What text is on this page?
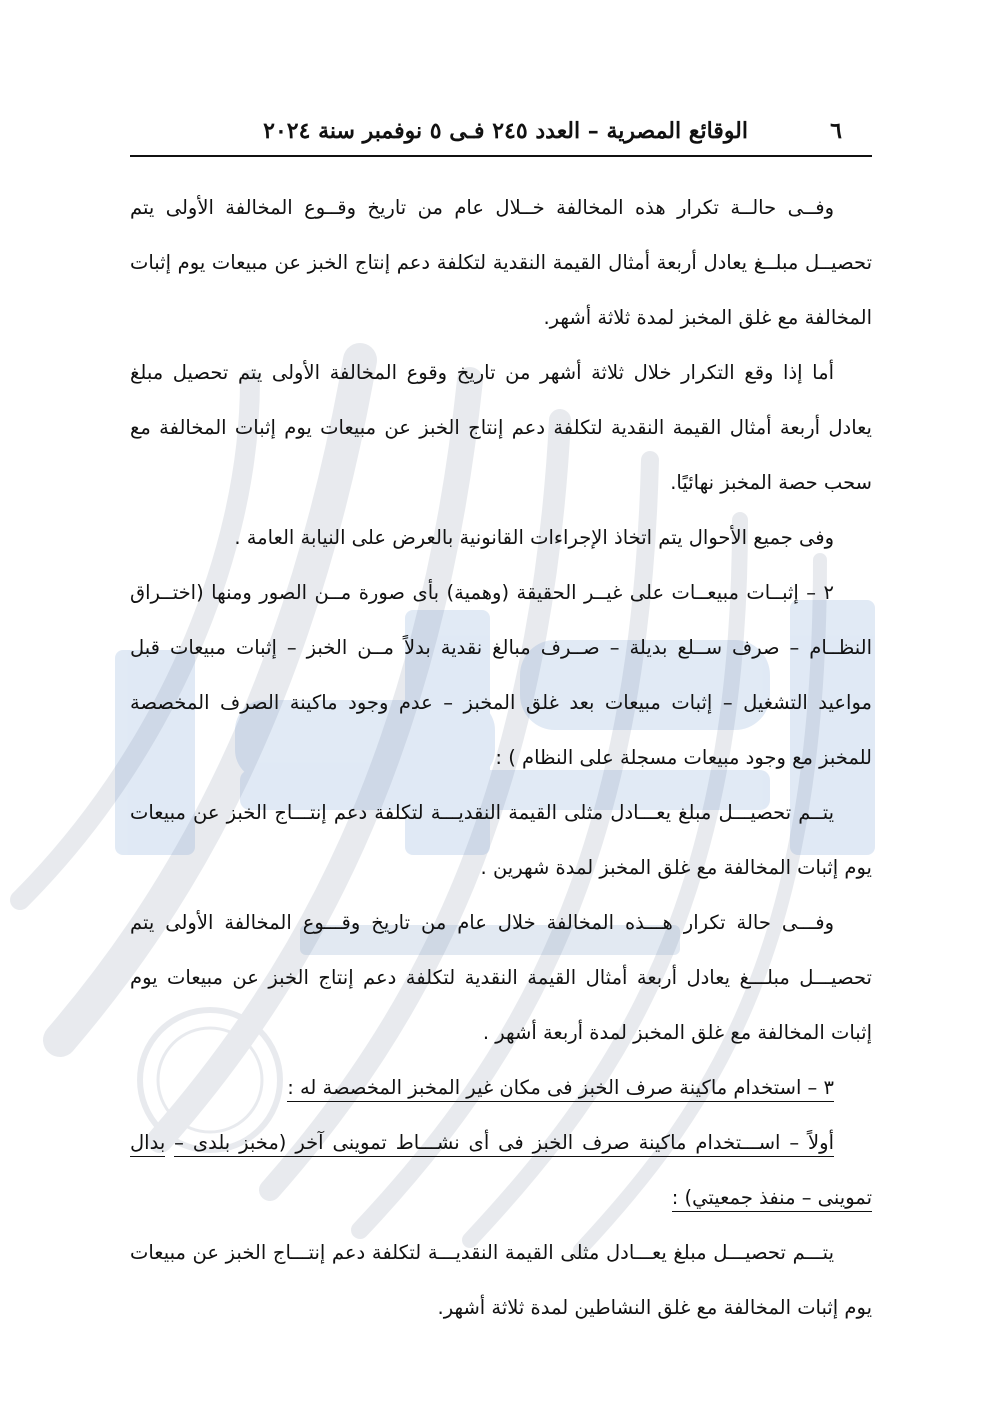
٦
الوقائع المصرية – العدد ٢٤٥ فـى ٥ نوفمبر سنة ٢٠٢٤

وفــى حالــة تكرار هذه المخالفة خــلال عام من تاريخ وقــوع المخالفة الأولى يتم تحصيــل مبلــغ يعادل أربعة أمثال القيمة النقدية لتكلفة دعم إنتاج الخبز عن مبيعات يوم إثبات المخالفة مع غلق المخبز لمدة ثلاثة أشهر.

أما إذا وقع التكرار خلال ثلاثة أشهر من تاريخ وقوع المخالفة الأولى يتم تحصيل مبلغ يعادل أربعة أمثال القيمة النقدية لتكلفة دعم إنتاج الخبز عن مبيعات يوم إثبات المخالفة مع سحب حصة المخبز نهائيًا.

وفى جميع الأحوال يتم اتخاذ الإجراءات القانونية بالعرض على النيابة العامة .

٢ – إثبــات مبيعــات على غيــر الحقيقة (وهمية) بأى صورة مــن الصور ومنها (اختــراق النظــام – صرف ســلع بديلة – صــرف مبالغ نقدية بدلاً مــن الخبز – إثبات مبيعات قبل مواعيد التشغيل – إثبات مبيعات بعد غلق المخبز – عدم وجود ماكينة الصرف المخصصة للمخبز مع وجود مبيعات مسجلة على النظام ) :

يتــم تحصيـــل مبلغ يعـــادل مثلى القيمة النقديـــة لتكلفة دعم إنتـــاج الخبز عن مبيعات يوم إثبات المخالفة مع غلق المخبز لمدة شهرين .

وفـــى حالة تكرار هـــذه المخالفة خلال عام من تاريخ وقـــوع المخالفة الأولى يتم تحصيـــل مبلـــغ يعادل أربعة أمثال القيمة النقدية لتكلفة دعم إنتاج الخبز عن مبيعات يوم إثبات المخالفة مع غلق المخبز لمدة أربعة أشهر .

٣ – استخدام ماكينة صرف الخبز فى مكان غير المخبز المخصصة له :

أولاً – اســـتخدام ماكينة صرف الخبز فى أى نشـــاط تموينى آخر (مخبز بلدى – بدال تموينى – منفذ جمعيتي) :

يتـــم تحصيـــل مبلغ يعـــادل مثلى القيمة النقديـــة لتكلفة دعم إنتـــاج الخبز عن مبيعات يوم إثبات المخالفة مع غلق النشاطين لمدة ثلاثة أشهر.
